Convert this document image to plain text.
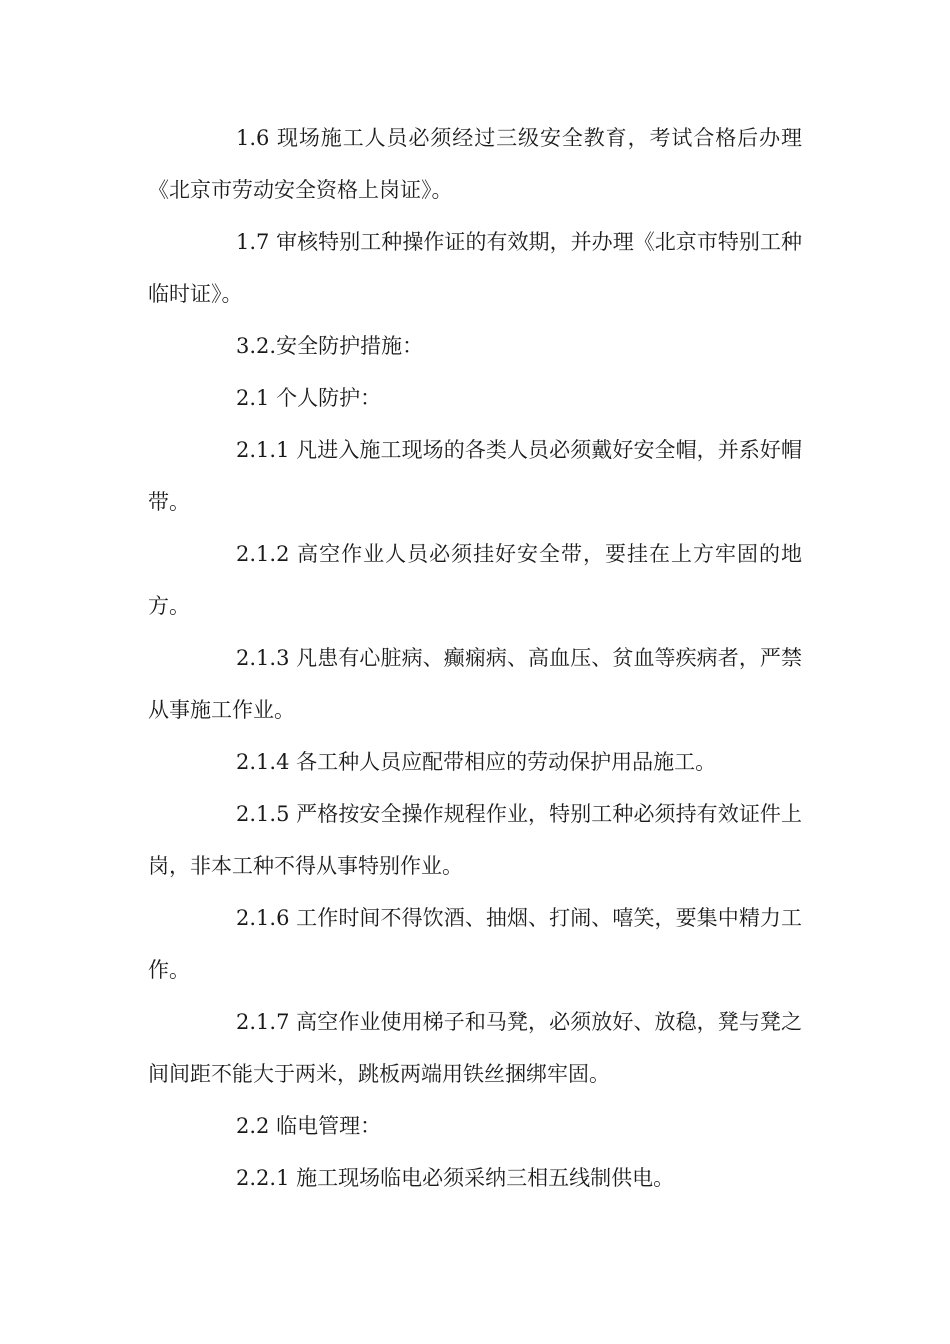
1.6 现场施工人员必须经过三级安全教育，考试合格后办理《北京市劳动安全资格上岗证》。

1.7 审核特别工种操作证的有效期，并办理《北京市特别工种临时证》。

3.2.安全防护措施：

2.1 个人防护：

2.1.1 凡进入施工现场的各类人员必须戴好安全帽，并系好帽带。

2.1.2 高空作业人员必须挂好安全带，要挂在上方牢固的地方。

2.1.3 凡患有心脏病、癫痫病、高血压、贫血等疾病者，严禁从事施工作业。

2.1.4 各工种人员应配带相应的劳动保护用品施工。

2.1.5 严格按安全操作规程作业，特别工种必须持有效证件上岗，非本工种不得从事特别作业。

2.1.6 工作时间不得饮酒、抽烟、打闹、嘻笑，要集中精力工作。

2.1.7 高空作业使用梯子和马凳，必须放好、放稳，凳与凳之间间距不能大于两米，跳板两端用铁丝捆绑牢固。

2.2 临电管理：

2.2.1 施工现场临电必须采纳三相五线制供电。
